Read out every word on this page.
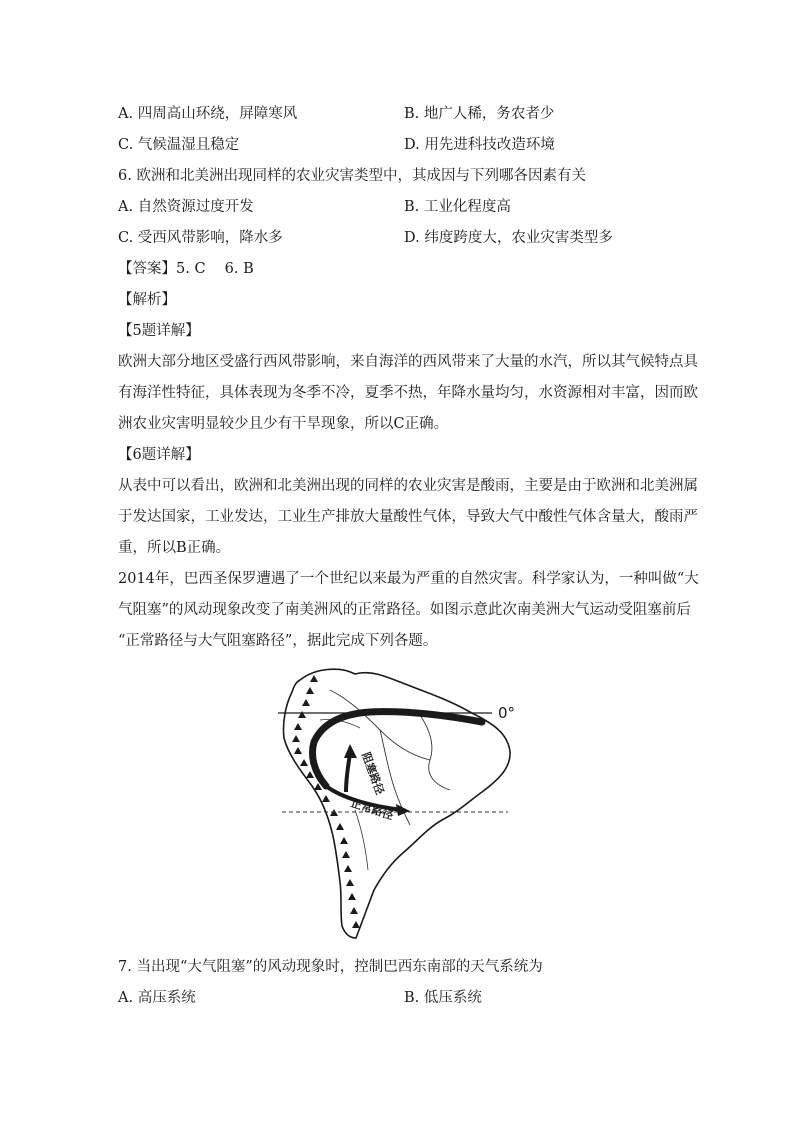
A. 四周高山环绕，屏障寒风	B. 地广人稀，务农者少
C. 气候温湿且稳定	D. 用先进科技改造环境
6. 欧洲和北美洲出现同样的农业灾害类型中，其成因与下列哪各因素有关
A. 自然资源过度开发	B. 工业化程度高
C. 受西风带影响，降水多	D. 纬度跨度大，农业灾害类型多
【答案】5. C　 6. B
【解析】
【5题详解】
欧洲大部分地区受盛行西风带影响，来自海洋的西风带来了大量的水汽，所以其气候特点具
有海洋性特征，具体表现为冬季不冷，夏季不热，年降水量均匀，水资源相对丰富，因而欧
洲农业灾害明显较少且少有干旱现象，所以C正确。
【6题详解】
从表中可以看出，欧洲和北美洲出现的同样的农业灾害是酸雨，主要是由于欧洲和北美洲属
于发达国家，工业发达，工业生产排放大量酸性气体，导致大气中酸性气体含量大，酸雨严
重，所以B正确。
2014年，巴西圣保罗遭遇了一个世纪以来最为严重的自然灾害。科学家认为，一种叫做“大
气阻塞”的风动现象改变了南美洲风的正常路径。如图示意此次南美洲大气运动受阻塞前后
“正常路径与大气阻塞路径”，据此完成下列各题。
0°
正常路径
阻塞路径
7. 当出现“大气阻塞”的风动现象时，控制巴西东南部的天气系统为
A. 高压系统	B. 低压系统
